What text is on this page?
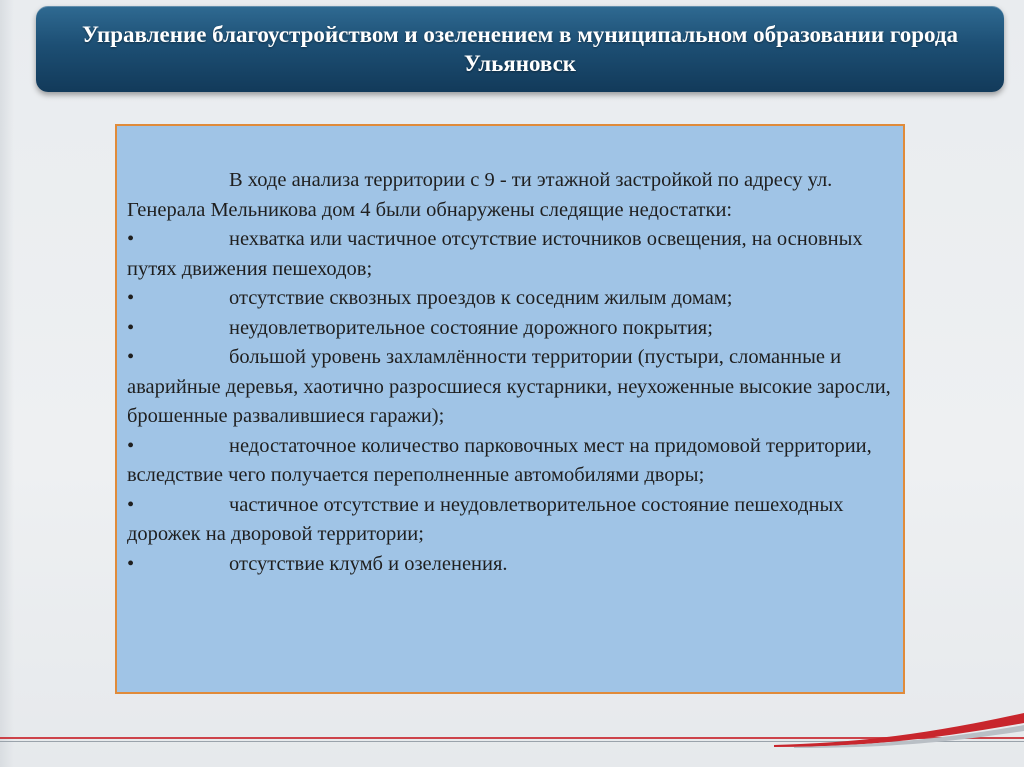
Управление благоустройством и озеленением в муниципальном образовании города Ульяновск

В ходе анализа территории с 9 - ти этажной застройкой по адресу ул. Генерала Мельникова дом 4 были обнаружены следящие недостатки:

•	нехватка или частичное отсутствие источников освещения, на основных путях движения пешеходов;

•	отсутствие сквозных проездов к соседним жилым домам;

•	неудовлетворительное состояние дорожного покрытия;

•	большой уровень захламлённости территории (пустыри, сломанные и аварийные деревья, хаотично разросшиеся кустарники, неухоженные высокие заросли, брошенные развалившиеся гаражи);

•	недостаточное количество парковочных мест на придомовой территории, вследствие чего получается переполненные автомобилями дворы;

•	частичное отсутствие и неудовлетворительное состояние пешеходных дорожек на дворовой территории;

•	отсутствие клумб и озеленения.
